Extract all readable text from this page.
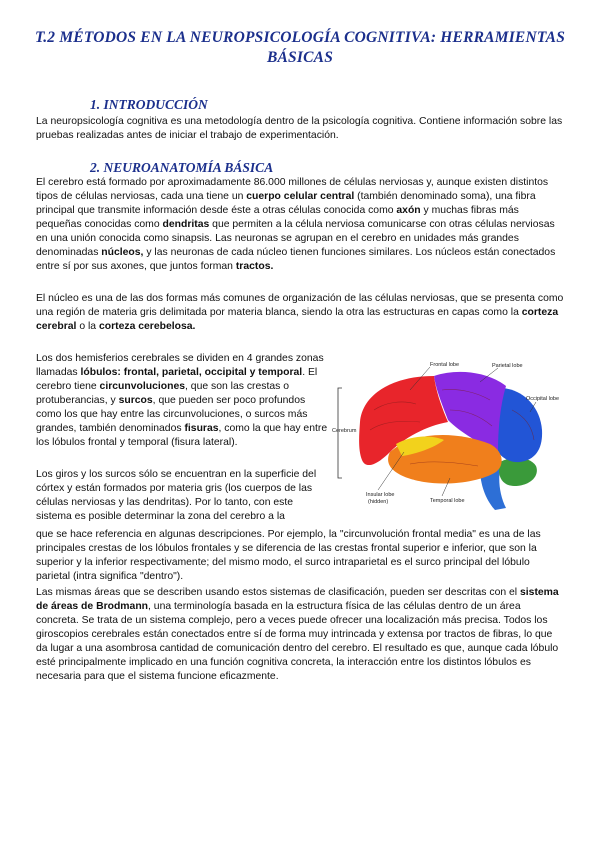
T.2 MÉTODOS EN LA NEUROPSICOLOGÍA COGNITIVA: HERRAMIENTAS BÁSICAS
1. INTRODUCCIÓN
La neuropsicología cognitiva es una metodología dentro de la psicología cognitiva. Contiene información sobre las pruebas realizadas antes de iniciar el trabajo de experimentación.
2. NEUROANATOMÍA BÁSICA
El cerebro está formado por aproximadamente 86.000 millones de células nerviosas y, aunque existen distintos tipos de células nerviosas, cada una tiene un cuerpo celular central (también denominado soma), una fibra principal que transmite información desde éste a otras células conocida como axón y muchas fibras más pequeñas conocidas como dendritas que permiten a la célula nerviosa comunicarse con otras células nerviosas en una unión conocida como sinapsis. Las neuronas se agrupan en el cerebro en unidades más grandes denominadas núcleos, y las neuronas de cada núcleo tienen funciones similares. Los núcleos están conectados entre sí por sus axones, que juntos forman tractos.
El núcleo es una de las dos formas más comunes de organización de las células nerviosas, que se presenta como una región de materia gris delimitada por materia blanca, siendo la otra las estructuras en capas como la corteza cerebral o la corteza cerebelosa.
Los dos hemisferios cerebrales se dividen en 4 grandes zonas llamadas lóbulos: frontal, parietal, occipital y temporal. El cerebro tiene circunvoluciones, que son las crestas o protuberancias, y surcos, que pueden ser poco profundos como los que hay entre las circunvoluciones, o surcos más grandes, también denominados fisuras, como la que hay entre los lóbulos frontal y temporal (fisura lateral).
Los giros y los surcos sólo se encuentran en la superficie del córtex y están formados por materia gris (los cuerpos de las células nerviosas y las dendritas). Por lo tanto, con este sistema es posible determinar la zona del cerebro a la
que se hace referencia en algunas descripciones. Por ejemplo, la "circunvolución frontal media" es una de las principales crestas de los lóbulos frontales y se diferencia de las crestas frontal superior e inferior, que son la superior y la inferior respectivamente; del mismo modo, el surco intraparietal es el surco principal del lóbulo parietal (intra significa "dentro").
Las mismas áreas que se describen usando estos sistemas de clasificación, pueden ser descritas con el sistema de áreas de Brodmann, una terminología basada en la estructura física de las células dentro de un área concreta. Se trata de un sistema complejo, pero a veces puede ofrecer una localización más precisa. Todos los giroscopios cerebrales están conectados entre sí de forma muy intrincada y extensa por tractos de fibras, lo que da lugar a una asombrosa cantidad de comunicación dentro del cerebro. El resultado es que, aunque cada lóbulo esté principalmente implicado en una función cognitiva concreta, la interacción entre los distintos lóbulos es necesaria para que el sistema funcione eficazmente.
Frontal lobe	Parietal lobe
Occipital lobe
Cerebrum
Insular lobe
(hidden)	Temporal lobe
